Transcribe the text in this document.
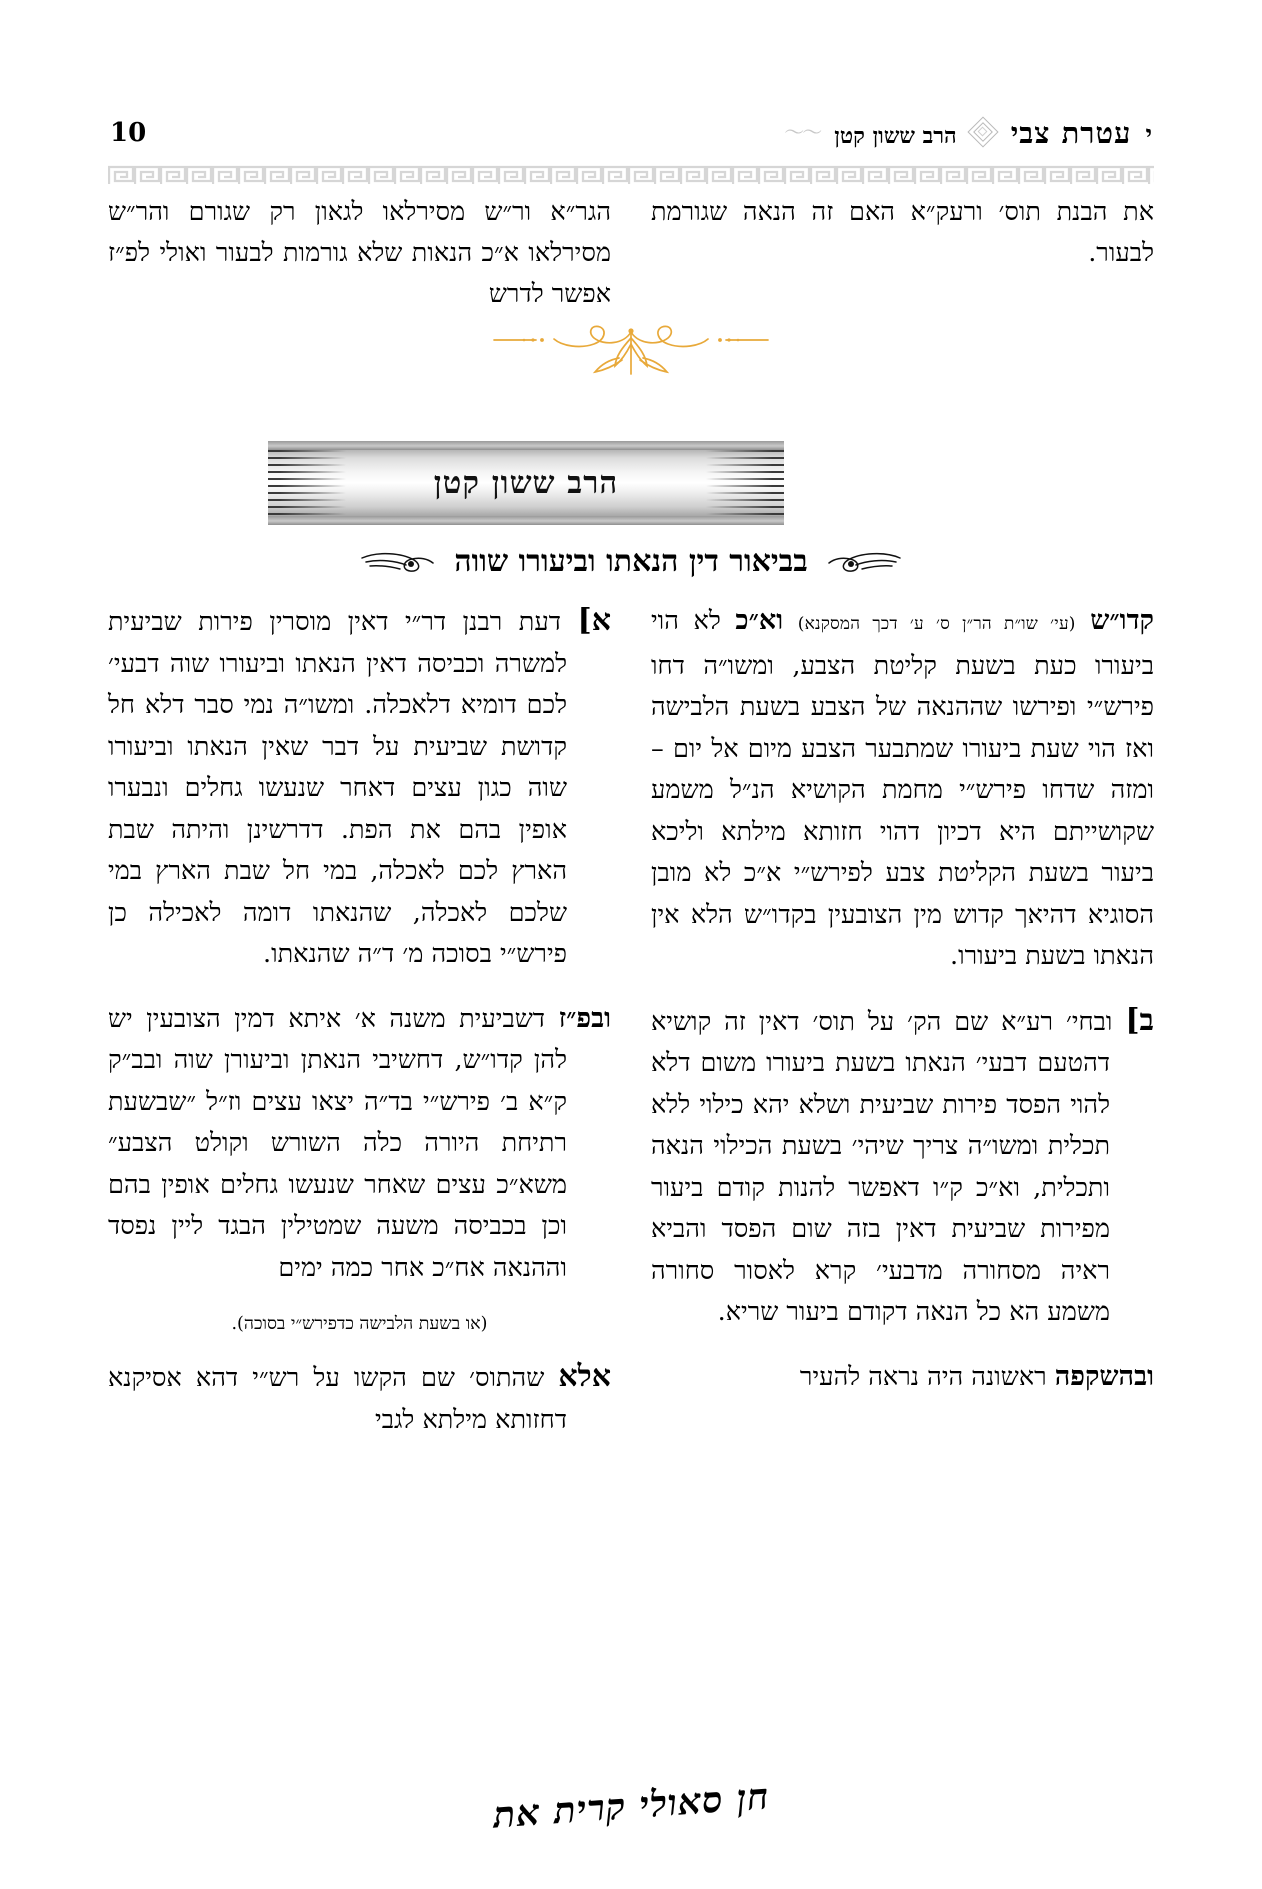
י
עטרת צבי
הרב ששון קטן
〜〜
10
הגר״א ור״ש מסירלאו לגאון רק שגורם והר״ש מסירלאו א״כ הנאות שלא גורמות לבעור ואולי לפ״ז אפשר לדרש
את הבנת תוס׳ ורעק״א האם זה הנאה שגורמת לבעור.
הרב ששון קטן
בביאור דין הנאתו וביעורו שווה

א] דעת רבנן דר״י דאין מוסרין פירות שביעית למשרה וכביסה דאין הנאתו וביעורו שוה דבעי׳ לכם דומיא דלאכלה. ומשו״ה נמי סבר דלא חל קדושת שביעית על דבר שאין הנאתו וביעורו שוה כגון עצים דאחר שנעשו גחלים ונבערו אופין בהם את הפת. דדרשינן והיתה שבת הארץ לכם לאכלה, במי חל שבת הארץ במי שלכם לאכלה, שהנאתו דומה לאכילה כן פירש״י בסוכה מ׳ ד״ה שהנאתו.

ובפ״ז דשביעית משנה א׳ איתא דמין הצובעין יש להן קדו״ש, דחשיבי הנאתן וביעורן שוה ובב״ק ק״א ב׳ פירש״י בד״ה יצאו עצים וז״ל ״שבשעת רתיחת היורה כלה השורש וקולט הצבע״ משא״כ עצים שאחר שנעשו גחלים אופין בהם וכן בכביסה משעה שמטילין הבגד ליין נפסד וההנאה אח״כ אחר כמה ימים

(או בשעת הלבישה כדפירש״י בסוכה).

אלא שהתוס׳ שם הקשו על רש״י דהא אסיקנא דחזותא מילתא לגבי

קדו״ש (עי׳ שו״ת הר״ן ס׳ ע׳ דכך המסקנא) וא״כ לא הוי ביעורו כעת בשעת קליטת הצבע, ומשו״ה דחו פירש״י ופירשו שההנאה של הצבע בשעת הלבישה ואז הוי שעת ביעורו שמתבער הצבע מיום אל יום – ומזה שדחו פירש״י מחמת הקושיא הנ״ל משמע שקושייתם היא דכיון דהוי חזותא מילתא וליכא ביעור בשעת הקליטת צבע לפירש״י א״כ לא מובן הסוגיא דהיאך קדוש מין הצובעין בקדו״ש הלא אין הנאתו בשעת ביעורו.

ב] ובחי׳ רע״א שם הק׳ על תוס׳ דאין זה קושיא דהטעם דבעי׳ הנאתו בשעת ביעורו משום דלא להוי הפסד פירות שביעית ושלא יהא כילוי ללא תכלית ומשו״ה צריך שיהי׳ בשעת הכילוי הנאה ותכלית, וא״כ ק״ו דאפשר להנות קודם ביעור מפירות שביעית דאין בזה שום הפסד והביא ראיה מסחורה מדבעי׳ קרא לאסור סחורה משמע הא כל הנאה דקודם ביעור שריא.

ובהשקפה ראשונה היה נראה להעיר

חן סאולי קרית את
